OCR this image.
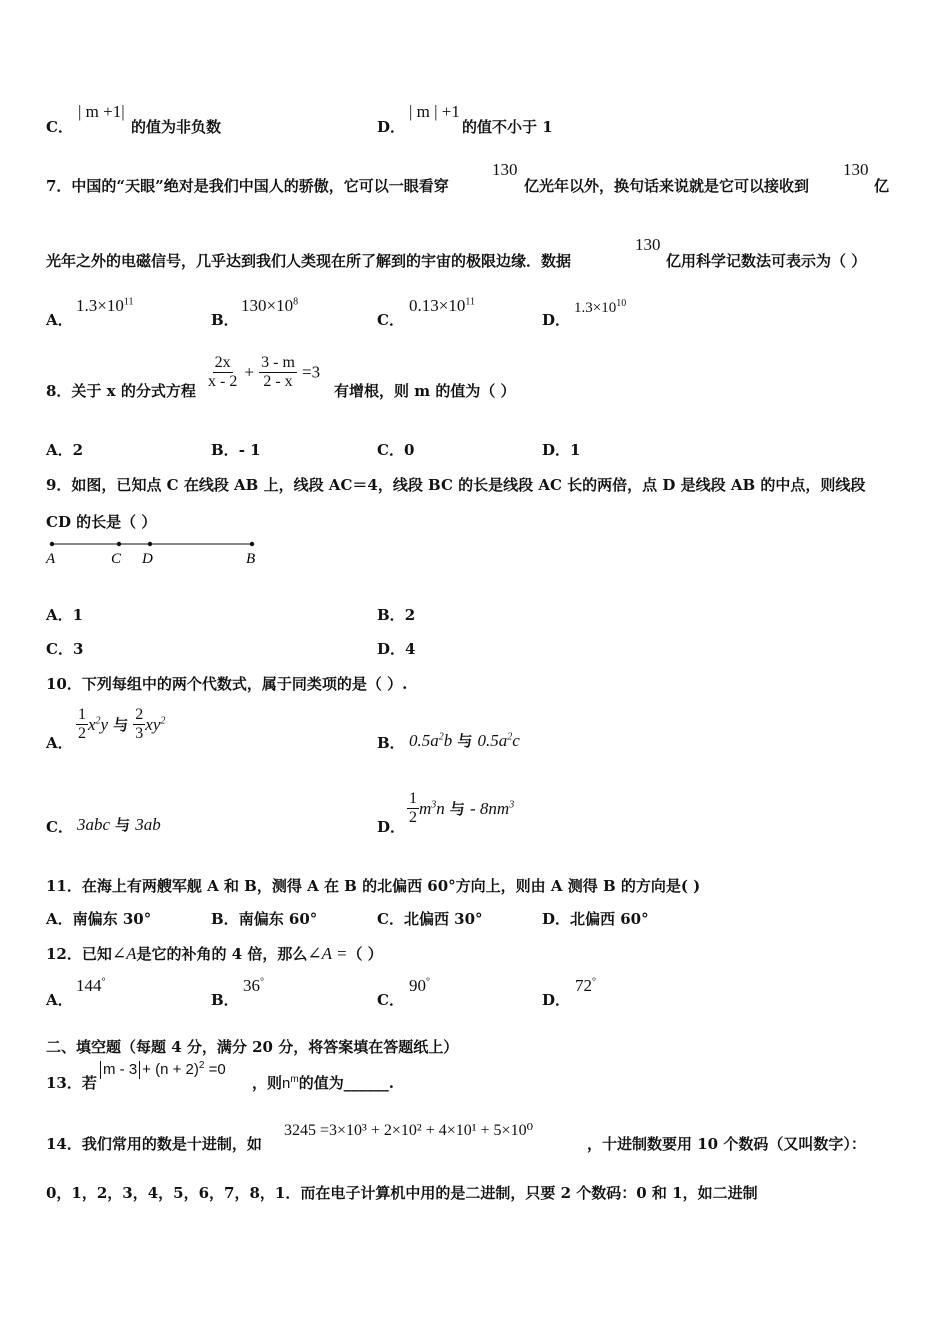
C．
| m +1|
的值为非负数	D．
| m | +1
的值不小于 1
7．中国的“天眼”绝对是我们中国人的骄傲，它可以一眼看穿
130
亿光年以外，换句话来说就是它可以接收到
130
亿
光年之外的电磁信号，几乎达到我们人类现在所了解到的宇宙的极限边缘．数据
130
亿用科学记数法可表示为（ ）
A．
$1.3\times 10^{11}$
B．
$130\times 10^8$
C．
$0.13\times 10^{11}$
D．
$1.3\times 10^{10}$
8．关于 x 的分式方程 $\frac{2x}{x - 2} + \frac{3 - m}{2 - x} =3$
有增根，则 m 的值为（ ）
A．2	B．- 1	C．0	D．1
9．如图，已知点 C 在线段 AB 上，线段 AC＝4，线段 BC 的长是线段 AC 长的两倍，点 D 是线段 AB 的中点，则线段
CD 的长是（ ）
A	C D	B
A．1	B．2
C．3	D．4
10．下列每组中的两个代数式，属于同类项的是（ ）.
A． $\frac{1}{2} x^2y$ 与 $\frac{2}{3} xy^2$
B． $0.5a^2b$ 与 $0.5a^2c$
C． 3abc 与 3ab	D． $\frac{1}{2} m^3n$ 与 - $8nm^3$
11．在海上有两艘军舰 A 和 B，测得 A 在 B 的北偏西 60°方向上，则由 A 测得 B 的方向是( )
A．南偏东 30°	B．南偏东 60°	C．北偏西 30°	D．北偏西 60°
12．已知∠A是它的补角的 4 倍，那么∠A =（ ）
A．
144°
B．
36°
C．
90°
D．
72°
二、填空题（每题 4 分，满分 20 分，将答案填在答题纸上）
13．若
$m - 3 + (n + 2)^2 =0$
，则$n^m$的值为______.
14．我们常用的数是十进制，如
3245 =3×10³ + 2×10² + 4×10¹ + 5×10⁰
，十进制数要用 10 个数码（又叫数字）：
0，1，2，3，4，5，6，7，8，1．而在电子计算机中用的是二进制，只要 2 个数码：0 和 1，如二进制
